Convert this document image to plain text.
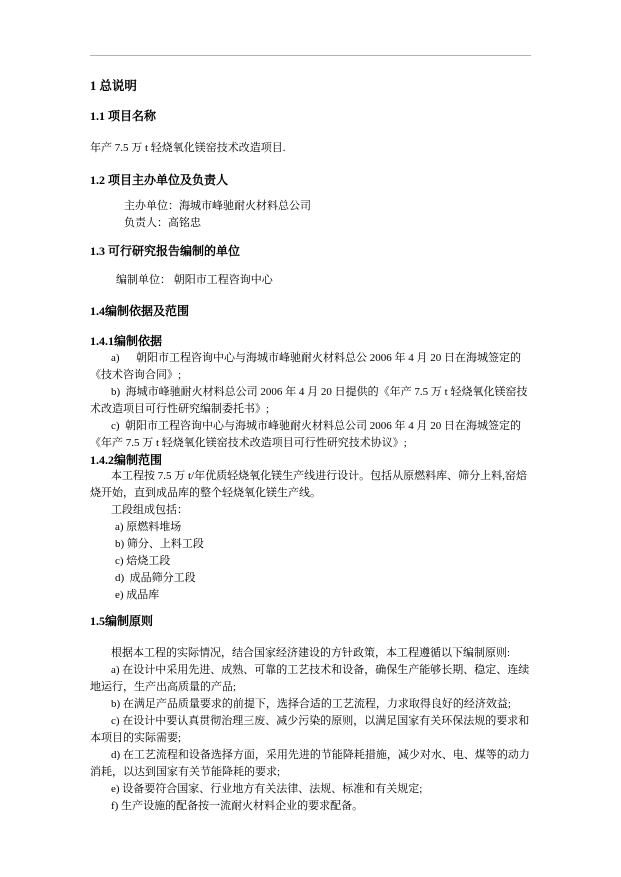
1 总说明
1.1 项目名称
年产 7.5 万 t 轻烧氧化镁窑技术改造项目.
1.2 项目主办单位及负责人
主办单位：海城市峰驰耐火材料总公司
负责人：高铭忠
1.3 可行研究报告编制的单位
编制单位： 朝阳市工程咨询中心
1.4编制依据及范围
1.4.1编制依据
a)      朝阳市工程咨询中心与海城市峰驰耐火材料总公 2006 年 4 月 20 日在海城签定的《技术咨询合同》;
b)  海城市峰驰耐火材料总公司 2006 年 4 月 20 日提供的《年产 7.5 万 t 轻烧氧化镁窑技术改造项目可行性研究编制委托书》;
c)  朝阳市工程咨询中心与海城市峰驰耐火材料总公司 2006 年 4 月 20 日在海城签定的《年产 7.5 万 t 轻烧氧化镁窑技术改造项目可行性研究技术协议》;
1.4.2编制范围
本工程按 7.5 万 t/年优质轻烧氧化镁生产线进行设计。包括从原燃料库、筛分上料,窑焙烧开始，直到成品库的整个轻烧氧化镁生产线。
工段组成包括：
a) 原燃料堆场
b) 筛分、上料工段
c) 焙烧工段
d)  成品筛分工段
e) 成品库
1.5编制原则
根据本工程的实际情况，结合国家经济建设的方针政策，本工程遵循以下编制原则:
a) 在设计中采用先进、成熟、可靠的工艺技术和设备，确保生产能够长期、稳定、连续地运行，生产出高质量的产品;
b) 在满足产品质量要求的前提下，选择合适的工艺流程，力求取得良好的经济效益;
c) 在设计中要认真贯彻治理三废、减少污染的原则，以满足国家有关环保法规的要求和本项目的实际需要;
d) 在工艺流程和设备选择方面，采用先进的节能降耗措施，减少对水、电、煤等的动力消耗，以达到国家有关节能降耗的要求;
e) 设备要符合国家、行业地方有关法律、法规、标准和有关规定;
f) 生产设施的配备按一流耐火材料企业的要求配备。
